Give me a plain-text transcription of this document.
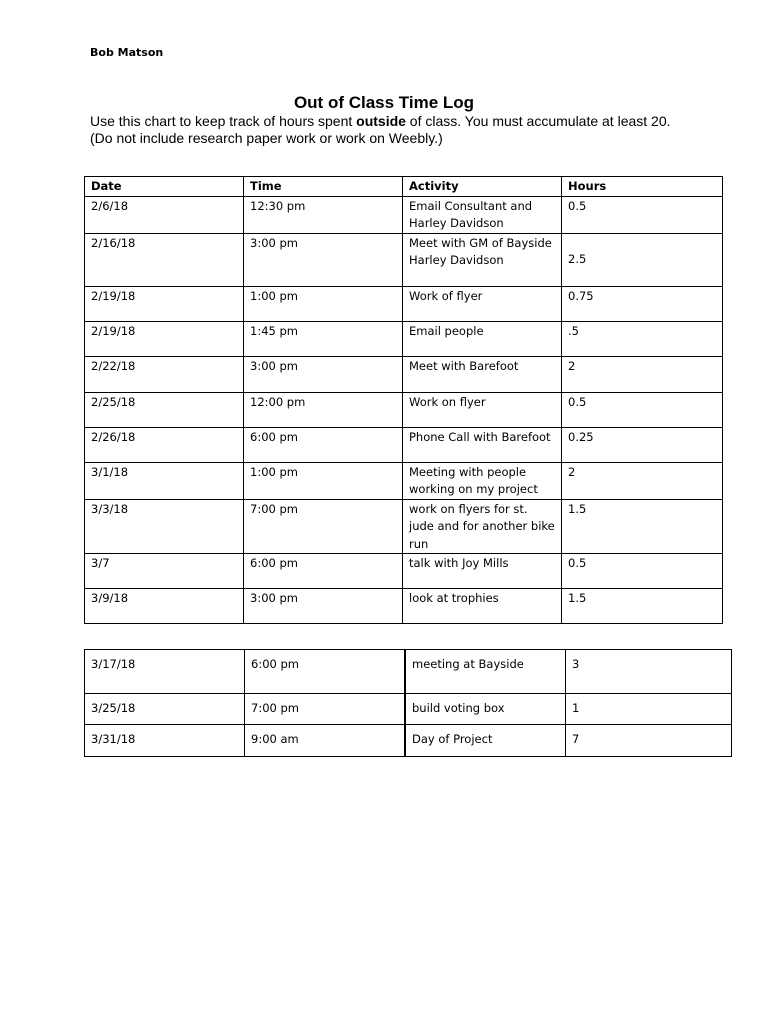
Bob Matson
Out of Class Time Log
Use this chart to keep track of hours spent outside of class. You must accumulate at least 20.
(Do not include research paper work or work on Weebly.)
Date	Time	Activity	Hours
2/6/18	12:30 pm	Email Consultant and Harley Davidson	0.5
2/16/18	3:00 pm	Meet with GM of Bayside Harley Davidson	2.5
2/19/18	1:00 pm	Work of flyer	0.75
2/19/18	1:45 pm	Email people	.5
2/22/18	3:00 pm	Meet with Barefoot	2
2/25/18	12:00 pm	Work on flyer	0.5
2/26/18	6:00 pm	Phone Call with Barefoot	0.25
3/1/18	1:00 pm	Meeting with people working on my project	2
3/3/18	7:00 pm	work on flyers for st. jude and for another bike run	1.5
3/7	6:00 pm	talk with Joy Mills	0.5
3/9/18	3:00 pm	look at trophies	1.5
3/17/18	6:00 pm	meeting at Bayside	3
3/25/18	7:00 pm	build voting box	1
3/31/18	9:00 am	Day of Project	7
